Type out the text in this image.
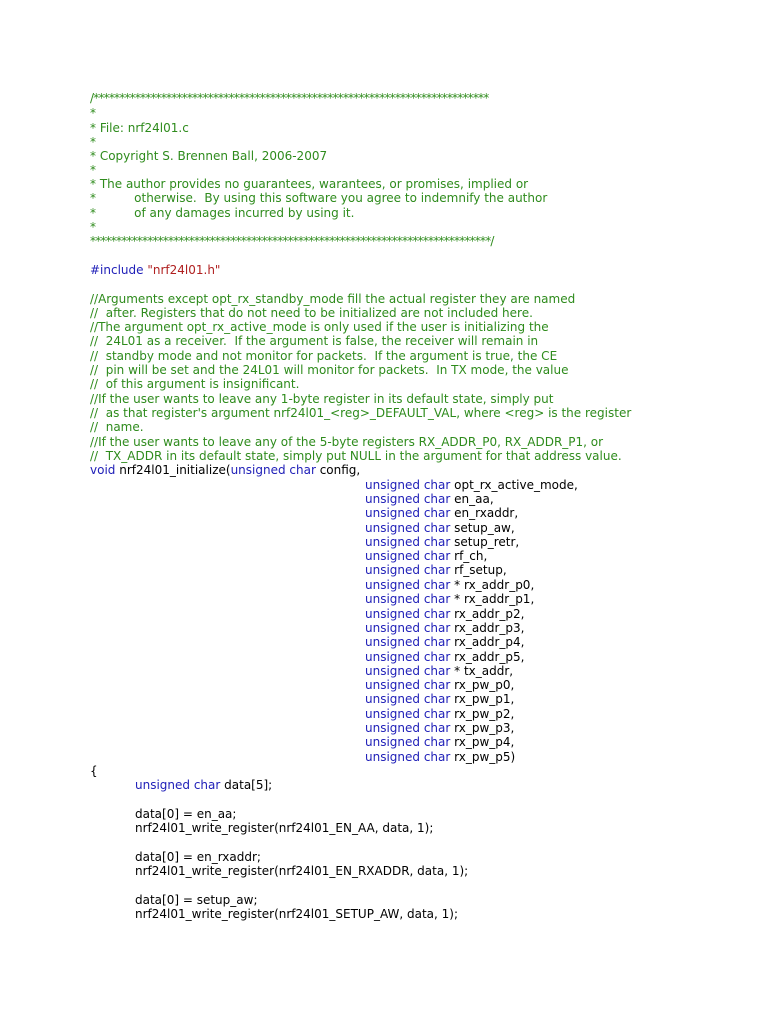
/****************************************************************************
*
* File: nrf24l01.c
*
* Copyright S. Brennen Ball, 2006-2007
*
* The author provides no guarantees, warantees, or promises, implied or
*          otherwise.  By using this software you agree to indemnify the author
*          of any damages incurred by using it.
*
*****************************************************************************/
#include "nrf24l01.h"
//Arguments except opt_rx_standby_mode fill the actual register they are named
//  after. Registers that do not need to be initialized are not included here.
//The argument opt_rx_active_mode is only used if the user is initializing the
//  24L01 as a receiver.  If the argument is false, the receiver will remain in
//  standby mode and not monitor for packets.  If the argument is true, the CE
//  pin will be set and the 24L01 will monitor for packets.  In TX mode, the value
//  of this argument is insignificant.
//If the user wants to leave any 1-byte register in its default state, simply put
//  as that register's argument nrf24l01_<reg>_DEFAULT_VAL, where <reg> is the register
//  name.
//If the user wants to leave any of the 5-byte registers RX_ADDR_P0, RX_ADDR_P1, or
//  TX_ADDR in its default state, simply put NULL in the argument for that address value.
void nrf24l01_initialize(unsigned char config,
unsigned char opt_rx_active_mode,
unsigned char en_aa,
unsigned char en_rxaddr,
unsigned char setup_aw,
unsigned char setup_retr,
unsigned char rf_ch,
unsigned char rf_setup,
unsigned char * rx_addr_p0,
unsigned char * rx_addr_p1,
unsigned char rx_addr_p2,
unsigned char rx_addr_p3,
unsigned char rx_addr_p4,
unsigned char rx_addr_p5,
unsigned char * tx_addr,
unsigned char rx_pw_p0,
unsigned char rx_pw_p1,
unsigned char rx_pw_p2,
unsigned char rx_pw_p3,
unsigned char rx_pw_p4,
unsigned char rx_pw_p5)
{
unsigned char data[5];
data[0] = en_aa;
nrf24l01_write_register(nrf24l01_EN_AA, data, 1);
data[0] = en_rxaddr;
nrf24l01_write_register(nrf24l01_EN_RXADDR, data, 1);
data[0] = setup_aw;
nrf24l01_write_register(nrf24l01_SETUP_AW, data, 1);
